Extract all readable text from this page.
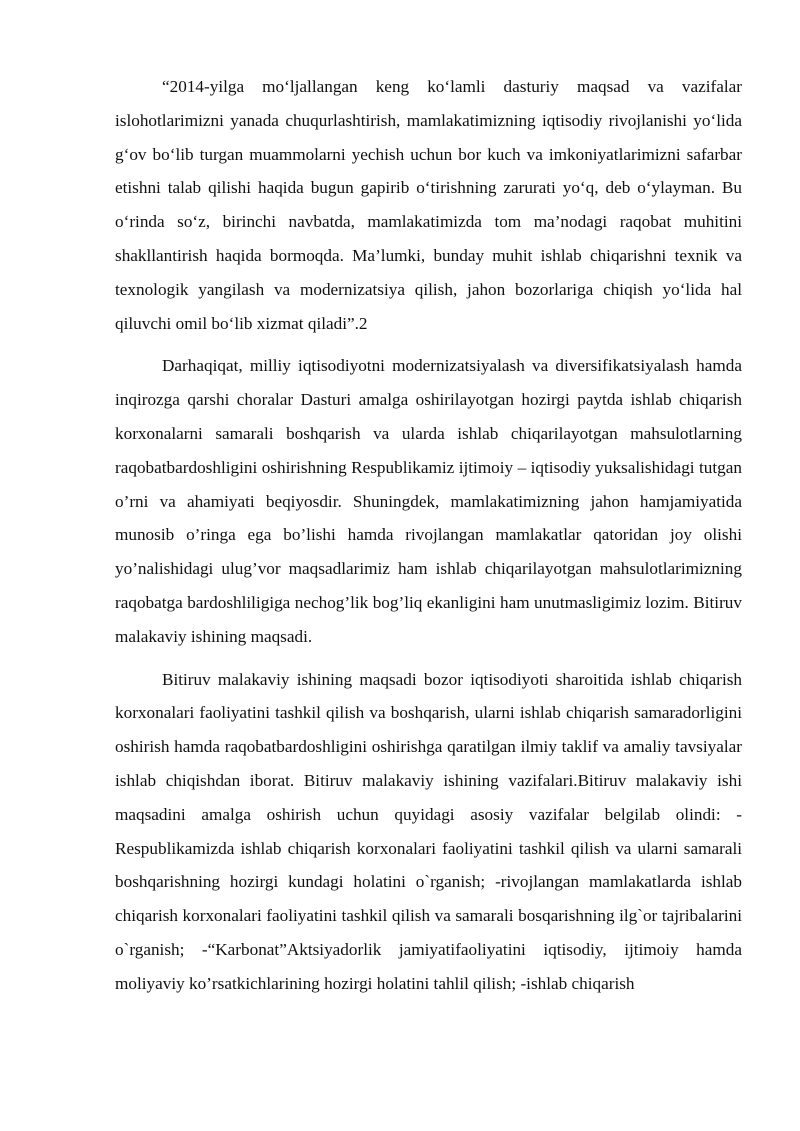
“2014-yilga mo‘ljallangan keng ko‘lamli dasturiy maqsad va vazifalar islohotlarimizni yanada chuqurlashtirish, mamlakatimizning iqtisodiy rivojlanishi yo‘lida g‘ov bo‘lib turgan muammolarni yechish uchun bor kuch va imkoniyatlarimizni safarbar etishni talab qilishi haqida bugun gapirib o‘tirishning zarurati yo‘q, deb o‘ylayman. Bu o‘rinda so‘z, birinchi navbatda, mamlakatimizda tom ma’nodagi raqobat muhitini shakllantirish haqida bormoqda. Ma’lumki, bunday muhit ishlab chiqarishni texnik va texnologik yangilash va modernizatsiya qilish, jahon bozorlariga chiqish yo‘lida hal qiluvchi omil bo‘lib xizmat qiladi”.2

Darhaqiqat, milliy iqtisodiyotni modernizatsiyalash va diversifikatsiyalash hamda inqirozga qarshi choralar Dasturi amalga oshirilayotgan hozirgi paytda ishlab chiqarish korxonalarni samarali boshqarish va ularda ishlab chiqarilayotgan mahsulotlarning raqobatbardoshligini oshirishning Respublikamiz ijtimoiy – iqtisodiy yuksalishidagi tutgan o’rni va ahamiyati beqiyosdir. Shuningdek, mamlakatimizning jahon hamjamiyatida munosib o’ringa ega bo’lishi hamda rivojlangan mamlakatlar qatoridan joy olishi yo’nalishidagi ulug’vor maqsadlarimiz ham ishlab chiqarilayotgan mahsulotlarimizning raqobatga bardoshliligiga nechog’lik bog’liq ekanligini ham unutmasligimiz lozim. Bitiruv malakaviy ishining maqsadi.

Bitiruv malakaviy ishining maqsadi bozor iqtisodiyoti sharoitida ishlab chiqarish korxonalari faoliyatini tashkil qilish va boshqarish, ularni ishlab chiqarish samaradorligini oshirish hamda raqobatbardoshligini oshirishga qaratilgan ilmiy taklif va amaliy tavsiyalar ishlab chiqishdan iborat. Bitiruv malakaviy ishining vazifalari.Bitiruv malakaviy ishi maqsadini amalga oshirish uchun quyidagi asosiy vazifalar belgilab olindi: -Respublikamizda ishlab chiqarish korxonalari faoliyatini tashkil qilish va ularni samarali boshqarishning hozirgi kundagi holatini o`rganish; -rivojlangan mamlakatlarda ishlab chiqarish korxonalari faoliyatini tashkil qilish va samarali bosqarishning ilg`or tajribalarini o`rganish; -“Karbonat”Aktsiyadorlik jamiyatifaoliyatini iqtisodiy, ijtimoiy hamda moliyaviy ko’rsatkichlarining hozirgi holatini tahlil qilish; -ishlab chiqarish
